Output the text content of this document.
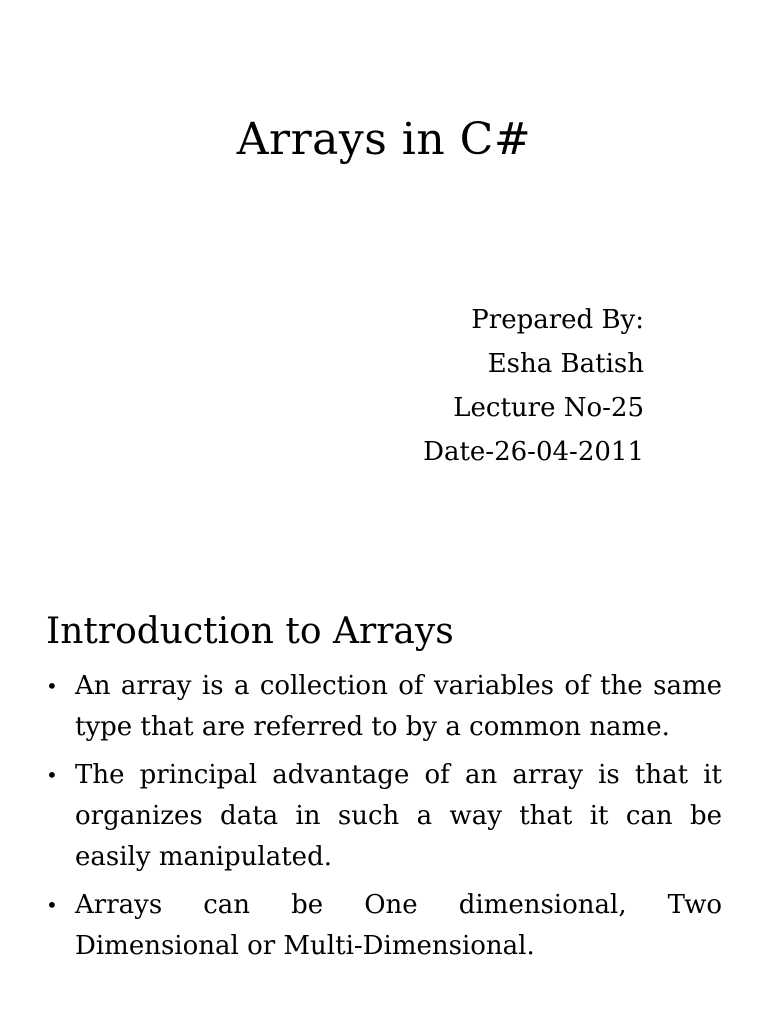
Arrays in C#
Prepared By:
Esha Batish
Lecture No-25
Date-26-04-2011
Introduction to Arrays
• An array is a collection of variables of the same type that are referred to by a common name.
• The principal advantage of an array is that it organizes data in such a way that it can be easily manipulated.
• Arrays can be One dimensional, Two Dimensional or Multi-Dimensional.
